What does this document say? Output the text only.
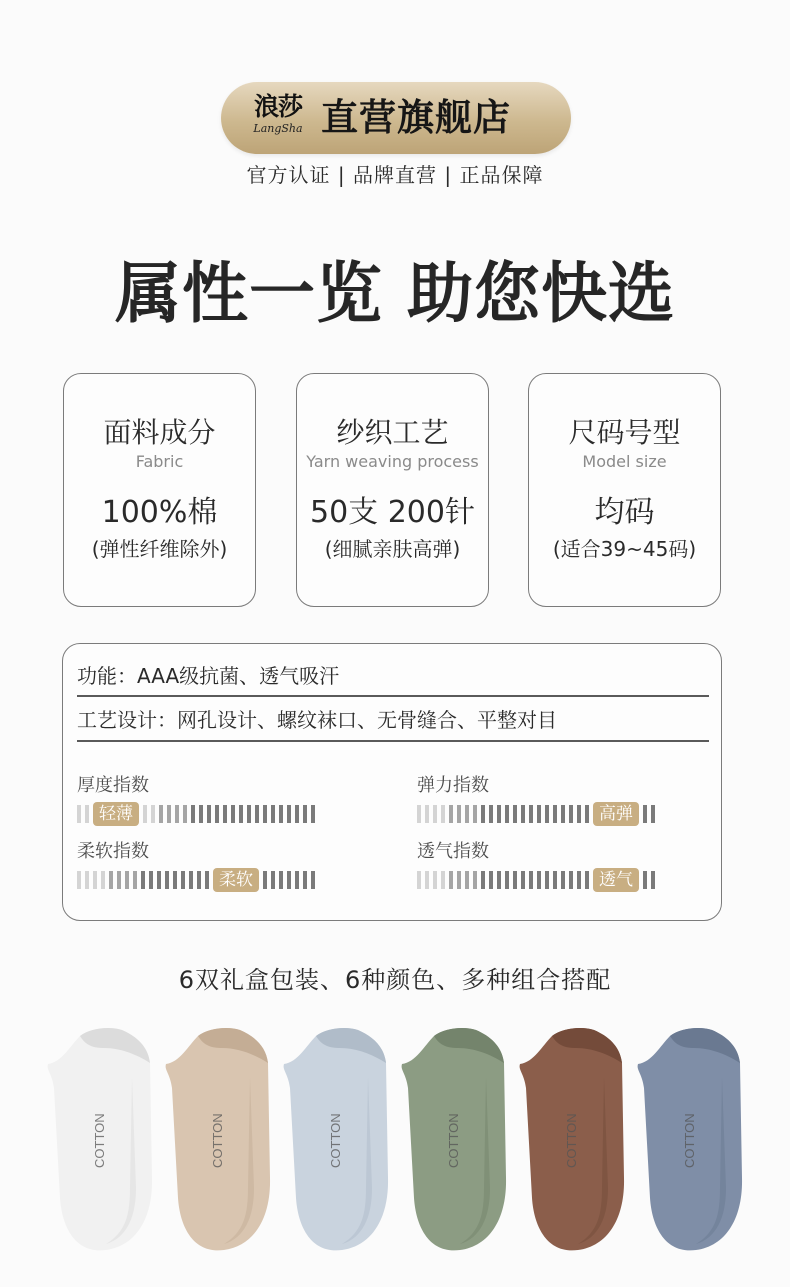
浪莎
LangSha 直营旗舰店
官方认证 | 品牌直营 | 正品保障
属性一览 助您快选
面料成分
Fabric
100%棉
(弹性纤维除外)
纱织工艺
Yarn weaving process
50支 200针
(细腻亲肤高弹)
尺码号型
Model size
均码
(适合39~45码)
功能：AAA级抗菌、透气吸汗
工艺设计：网孔设计、螺纹袜口、无骨缝合、平整对目
厚度指数
轻薄
弹力指数
高弹
柔软指数
柔软
透气指数
透气
6双礼盒包装、6种颜色、多种组合搭配
COTTON	COTTON	COTTON	COTTON	COTTON	COTTON
